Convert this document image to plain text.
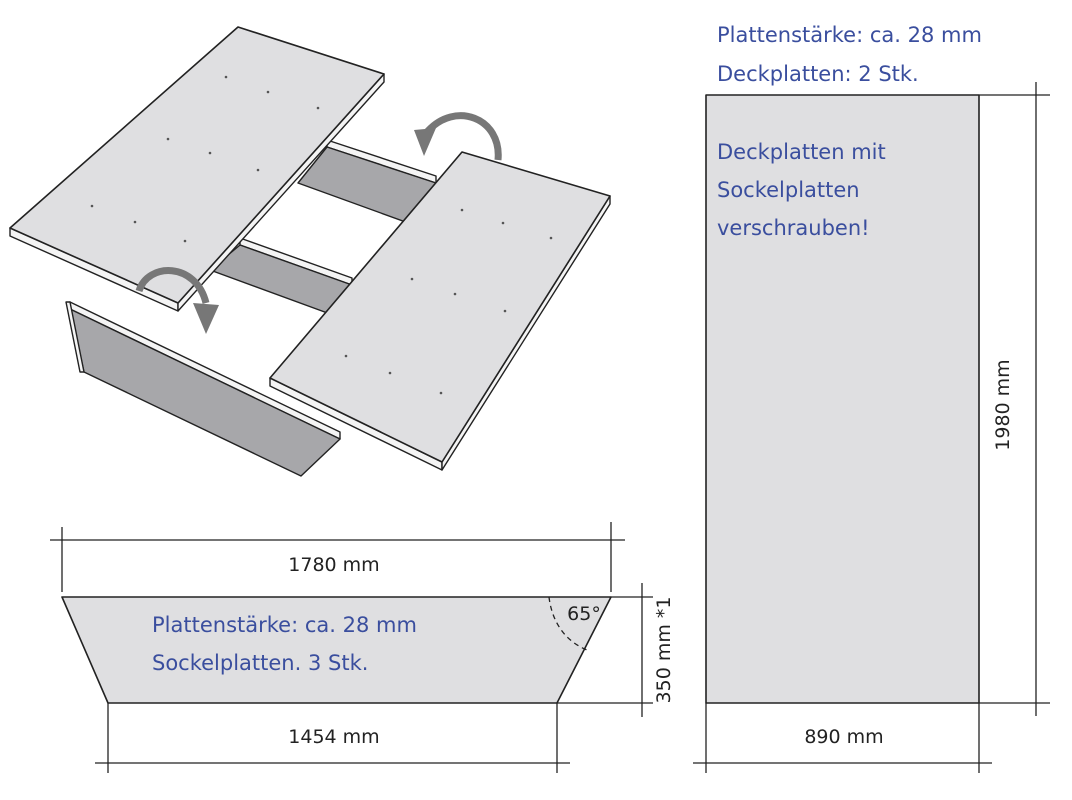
1780 mm
65°
Plattenstärke: ca. 28 mm
Sockelplatten. 3 Stk.	350 mm *1
1454 mm
Plattenstärke: ca. 28 mm
Deckplatten: 2 Stk.
Deckplatten mit
Sockelplatten
verschrauben!
1980 mm
890 mm
